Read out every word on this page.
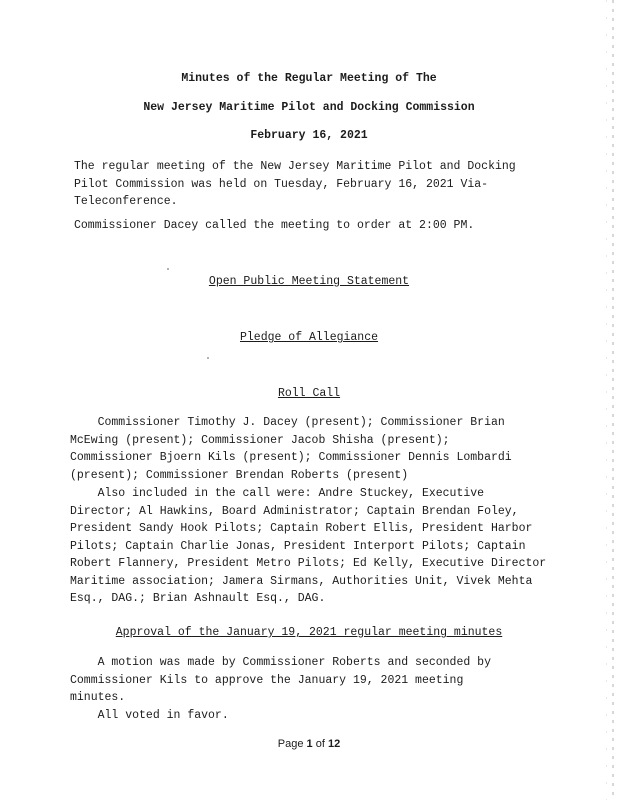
Minutes of the Regular Meeting of The
New Jersey Maritime Pilot and Docking Commission
February 16, 2021
The regular meeting of the New Jersey Maritime Pilot and Docking
Pilot Commission was held on Tuesday, February 16, 2021 Via-
Teleconference.
Commissioner Dacey called the meeting to order at 2:00 PM.
Open Public Meeting Statement
Pledge of Allegiance
Roll Call
Commissioner Timothy J. Dacey (present); Commissioner Brian
McEwing (present); Commissioner Jacob Shisha (present);
Commissioner Bjoern Kils (present); Commissioner Dennis Lombardi
(present); Commissioner Brendan Roberts (present)
Also included in the call were: Andre Stuckey, Executive
Director; Al Hawkins, Board Administrator; Captain Brendan Foley,
President Sandy Hook Pilots; Captain Robert Ellis, President Harbor
Pilots; Captain Charlie Jonas, President Interport Pilots; Captain
Robert Flannery, President Metro Pilots; Ed Kelly, Executive Director
Maritime association; Jamera Sirmans, Authorities Unit, Vivek Mehta
Esq., DAG.; Brian Ashnault Esq., DAG.
Approval of the January 19, 2021 regular meeting minutes
A motion was made by Commissioner Roberts and seconded by
Commissioner Kils to approve the January 19, 2021 meeting
minutes.
All voted in favor.
Page 1 of 12
